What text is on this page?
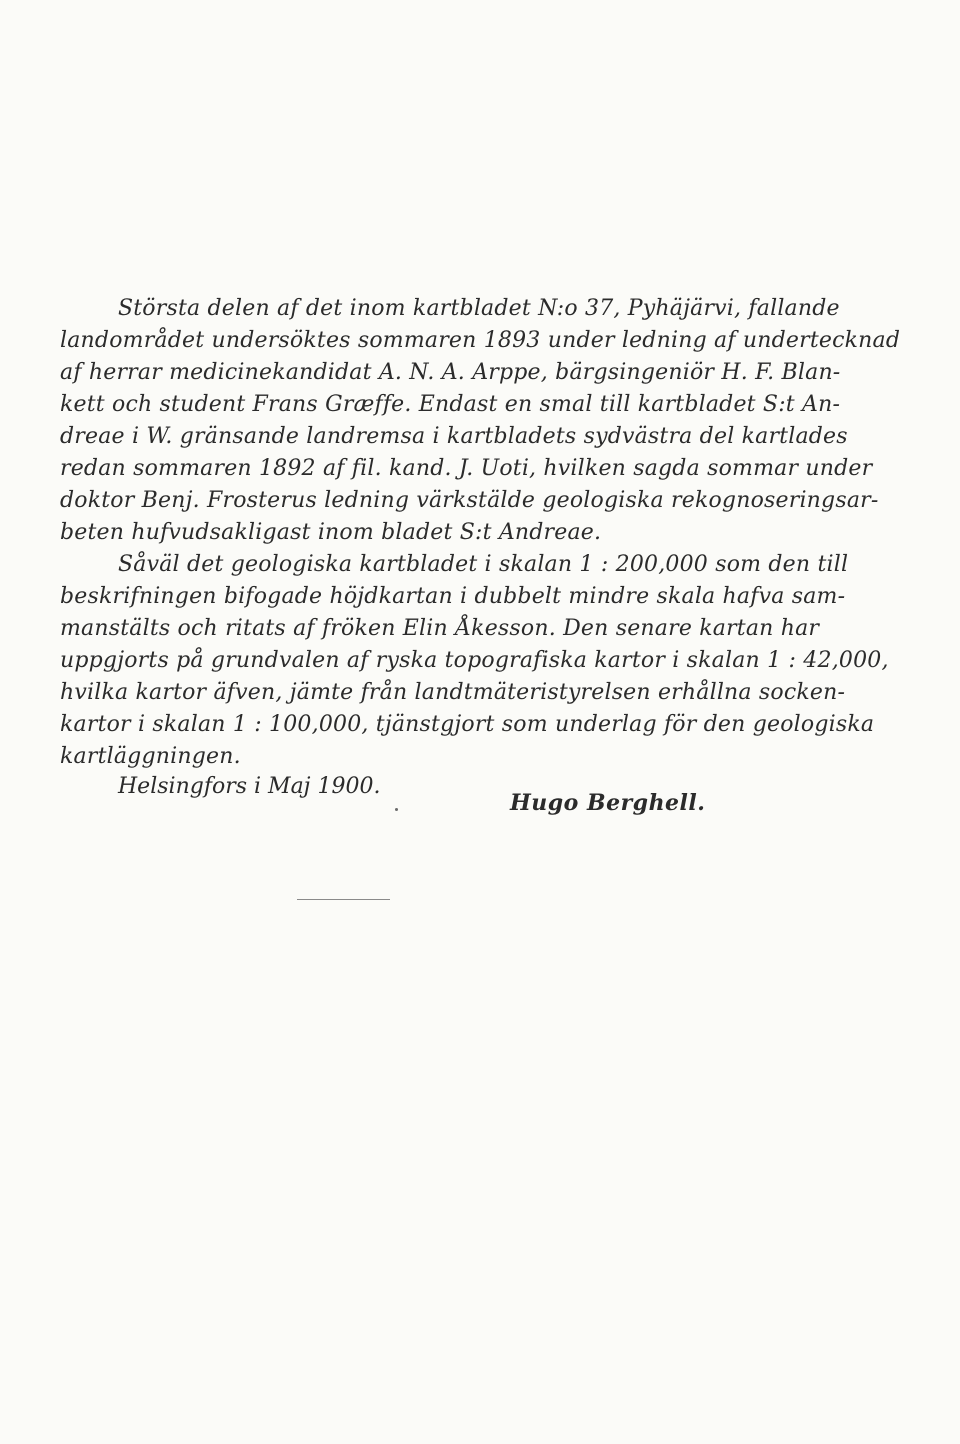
Största delen af det inom kartbladet N:o 37, Pyhäjärvi, fallande
landområdet undersöktes sommaren 1893 under ledning af undertecknad
af herrar medicinekandidat A. N. A. Arppe, bärgsingeniör H. F. Blan-
kett och student Frans Græffe. Endast en smal till kartbladet S:t An-
dreae i W. gränsande landremsa i kartbladets sydvästra del kartlades
redan sommaren 1892 af fil. kand. J. Uoti, hvilken sagda sommar under
doktor Benj. Frosterus ledning värkstälde geologiska rekognoseringsar-
beten hufvudsakligast inom bladet S:t Andreae.
Såväl det geologiska kartbladet i skalan 1 : 200,000 som den till
beskrifningen bifogade höjdkartan i dubbelt mindre skala hafva sam-
manstälts och ritats af fröken Elin Åkesson. Den senare kartan har
uppgjorts på grundvalen af ryska topografiska kartor i skalan 1 : 42,000,
hvilka kartor äfven, jämte från landtmäteristyrelsen erhållna socken-
kartor i skalan 1 : 100,000, tjänstgjort som underlag för den geologiska
kartläggningen.
Helsingfors i Maj 1900.
Hugo Berghell.
